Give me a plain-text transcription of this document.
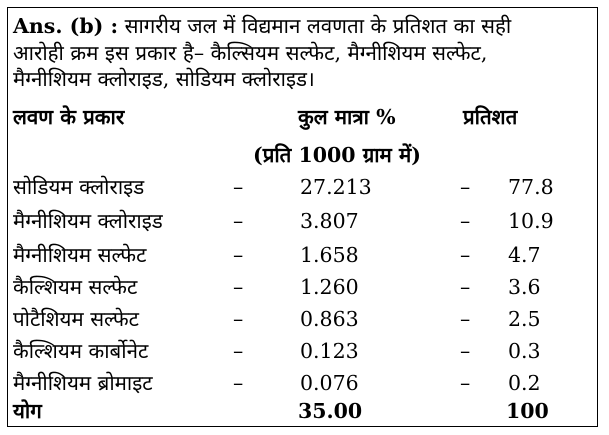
Ans. (b) : सागरीय जल में विद्यमान लवणता के प्रतिशत का सही
आरोही क्रम इस प्रकार है– कैल्सियम सल्फेट, मैग्नीशियम सल्फेट,
मैग्नीशियम क्लोराइड, सोडियम क्लोराइड।
लवण के प्रकार	कुल मात्रा %	प्रतिशत
(प्रति 1000 ग्राम में)
सोडियम क्लोराइड	–	27.213	– 77.8
मैग्नीशियम क्लोराइड	–	3.807	– 10.9
मैग्नीशियम सल्फेट	–	1.658	– 4.7
कैल्शियम सल्फेट	–	1.260	– 3.6
पोटैशियम सल्फेट	–	0.863	– 2.5
कैल्शियम कार्बोनेट	–	0.123	– 0.3
मैग्नीशियम ब्रोमाइट	–	0.076	– 0.2
योग	35.00	100
